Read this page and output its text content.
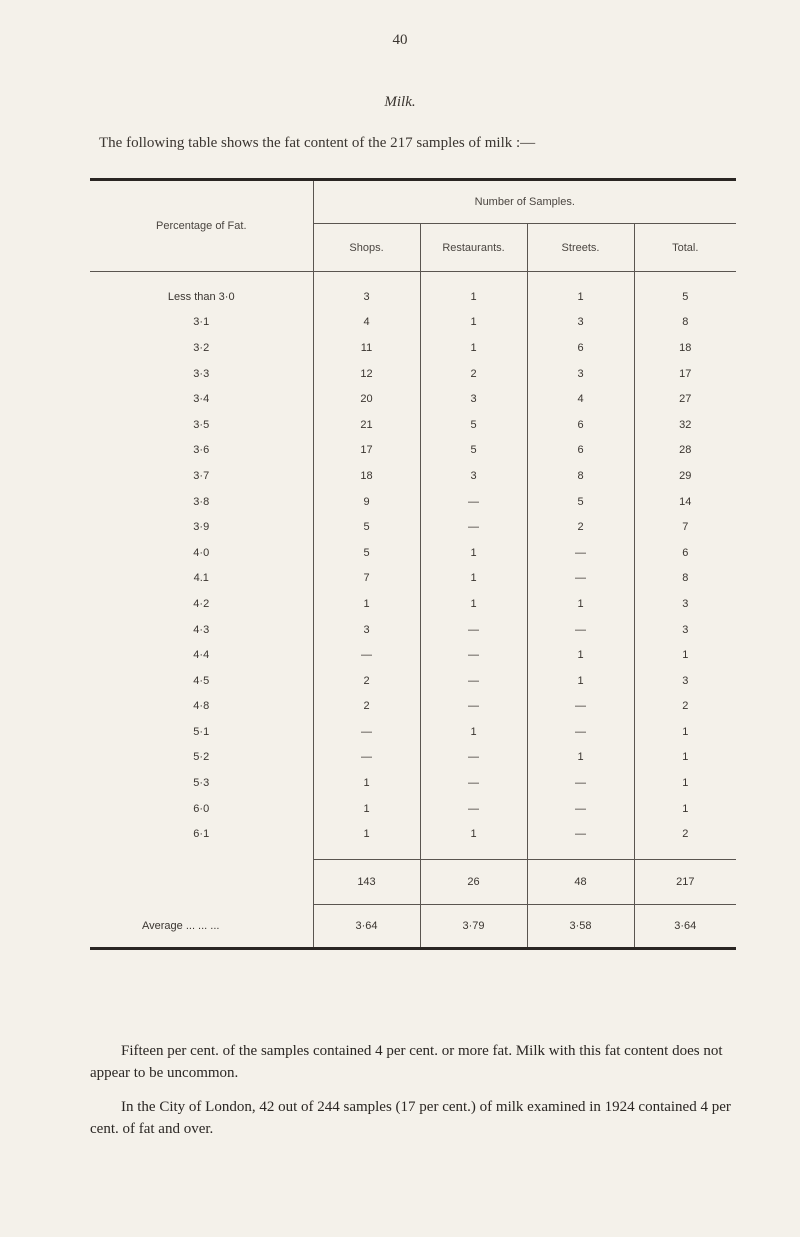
40
Milk.
The following table shows the fat content of the 217 samples of milk :—
Percentage of Fat.	Number of Samples.			
	Shops.	Restaurants.	Streets.	Total.

Less than 3·0	3	1	1	5
3·1	4	1	3	8
3·2	11	1	6	18
3·3	12	2	3	17
3·4	20	3	4	27
3·5	21	5	6	32
3·6	17	5	6	28
3·7	18	3	8	29
3·8	9	—	5	14
3·9	5	—	2	7
4·0	5	1	—	6
4.1	7	1	—	8
4·2	1	1	1	3
4·3	3	—	—	3
4·4	—	—	1	1
4·5	2	—	1	3
4·8	2	—	—	2
5·1	—	1	—	1
5·2	—	—	1	1
5·3	1	—	—	1
6·0	1	—	—	1
6·1	1	1	—	2

	143	26	48	217
Average ... ... ...	3·64	3·79	3·58	3·64

Fifteen per cent. of the samples contained 4 per cent. or more fat. Milk with this fat content does not appear to be uncommon.

In the City of London, 42 out of 244 samples (17 per cent.) of milk examined in 1924 contained 4 per cent. of fat and over.
